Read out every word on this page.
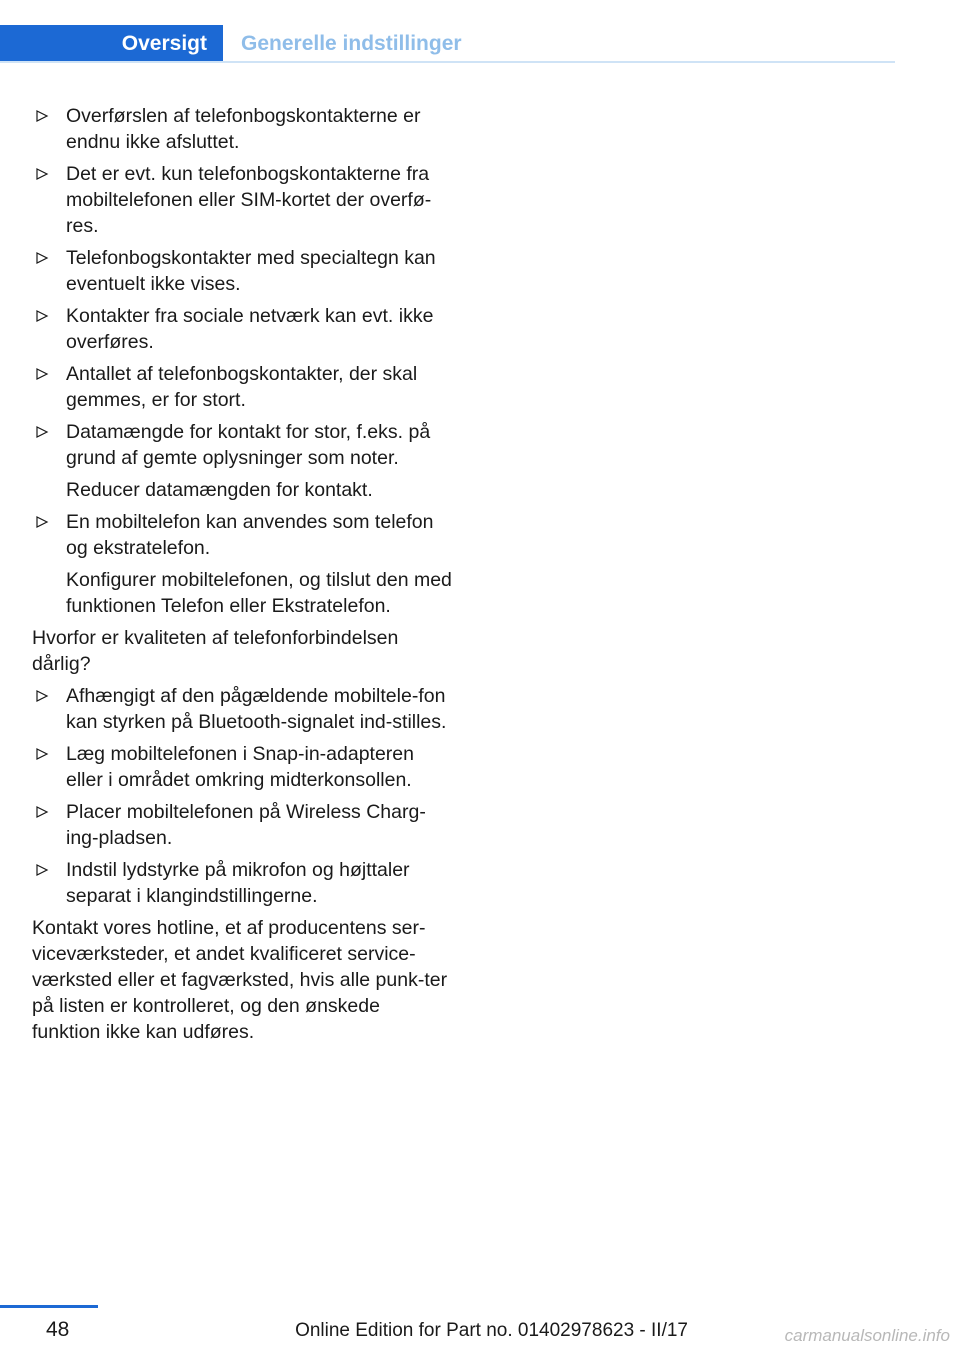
Oversigt	Generelle indstillinger
Overførslen af telefonbogskontakterne er endnu ikke afsluttet.
Det er evt. kun telefonbogskontakterne fra mobiltelefonen eller SIM-kortet der overfø-res.
Telefonbogskontakter med specialtegn kan eventuelt ikke vises.
Kontakter fra sociale netværk kan evt. ikke overføres.
Antallet af telefonbogskontakter, der skal gemmes, er for stort.
Datamængde for kontakt for stor, f.eks. på grund af gemte oplysninger som noter.
Reducer datamængden for kontakt.
En mobiltelefon kan anvendes som telefon og ekstratelefon.
Konfigurer mobiltelefonen, og tilslut den med funktionen Telefon eller Ekstratelefon.
Hvorfor er kvaliteten af telefonforbindelsen dårlig?
Afhængigt af den pågældende mobiltele-fon kan styrken på Bluetooth-signalet ind-stilles.
Læg mobiltelefonen i Snap-in-adapteren eller i området omkring midterkonsollen.
Placer mobiltelefonen på Wireless Charg-ing-pladsen.
Indstil lydstyrke på mikrofon og højttaler separat i klangindstillingerne.
Kontakt vores hotline, et af producentens ser-viceværksteder, et andet kvalificeret service-værksted eller et fagværksted, hvis alle punk-ter på listen er kontrolleret, og den ønskede funktion ikke kan udføres.
48	Online Edition for Part no. 01402978623 - II/17	carmanualsonline.info
